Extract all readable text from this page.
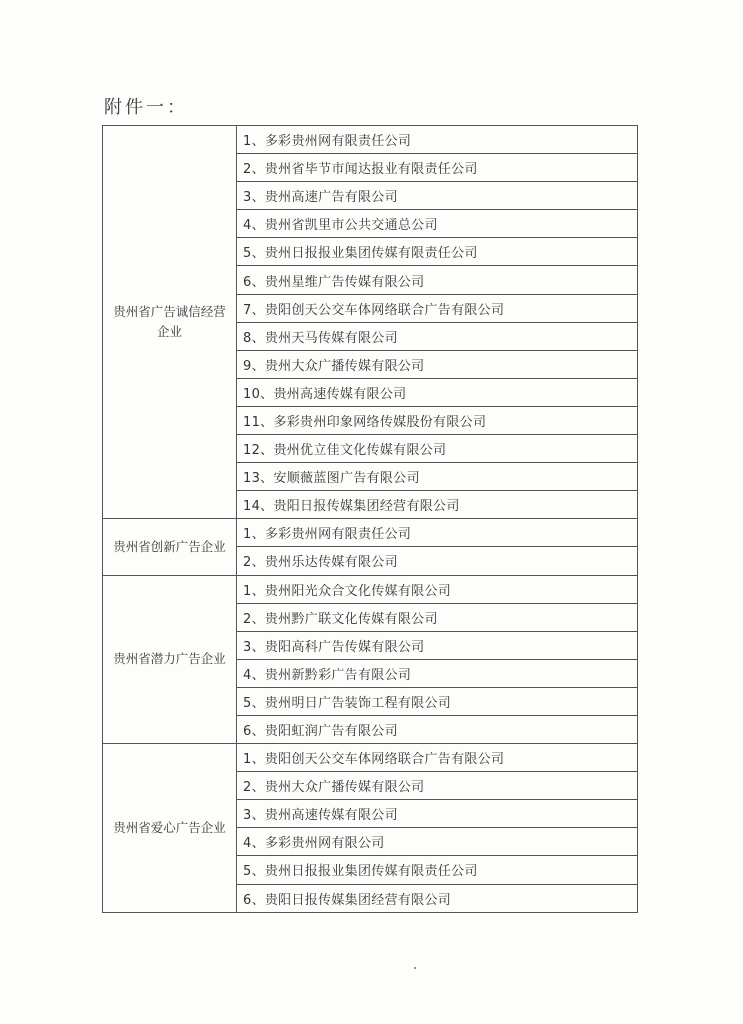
附件一：
贵州省广告诚信经营企业	1、多彩贵州网有限责任公司
	2、贵州省毕节市闻达报业有限责任公司
	3、贵州高速广告有限公司
	4、贵州省凯里市公共交通总公司
	5、贵州日报报业集团传媒有限责任公司
	6、贵州星维广告传媒有限公司
	7、贵阳创天公交车体网络联合广告有限公司
	8、贵州天马传媒有限公司
	9、贵州大众广播传媒有限公司
	10、贵州高速传媒有限公司
	11、多彩贵州印象网络传媒股份有限公司
	12、贵州优立佳文化传媒有限公司
	13、安顺薇蓝图广告有限公司
	14、贵阳日报传媒集团经营有限公司
贵州省创新广告企业	1、多彩贵州网有限责任公司
	2、贵州乐达传媒有限公司
贵州省潜力广告企业	1、贵州阳光众合文化传媒有限公司
	2、贵州黔广联文化传媒有限公司
	3、贵阳高科广告传媒有限公司
	4、贵州新黔彩广告有限公司
	5、贵州明日广告装饰工程有限公司
	6、贵阳虹润广告有限公司
贵州省爱心广告企业	1、贵阳创天公交车体网络联合广告有限公司
	2、贵州大众广播传媒有限公司
	3、贵州高速传媒有限公司
	4、多彩贵州网有限公司
	5、贵州日报报业集团传媒有限责任公司
	6、贵阳日报传媒集团经营有限公司
